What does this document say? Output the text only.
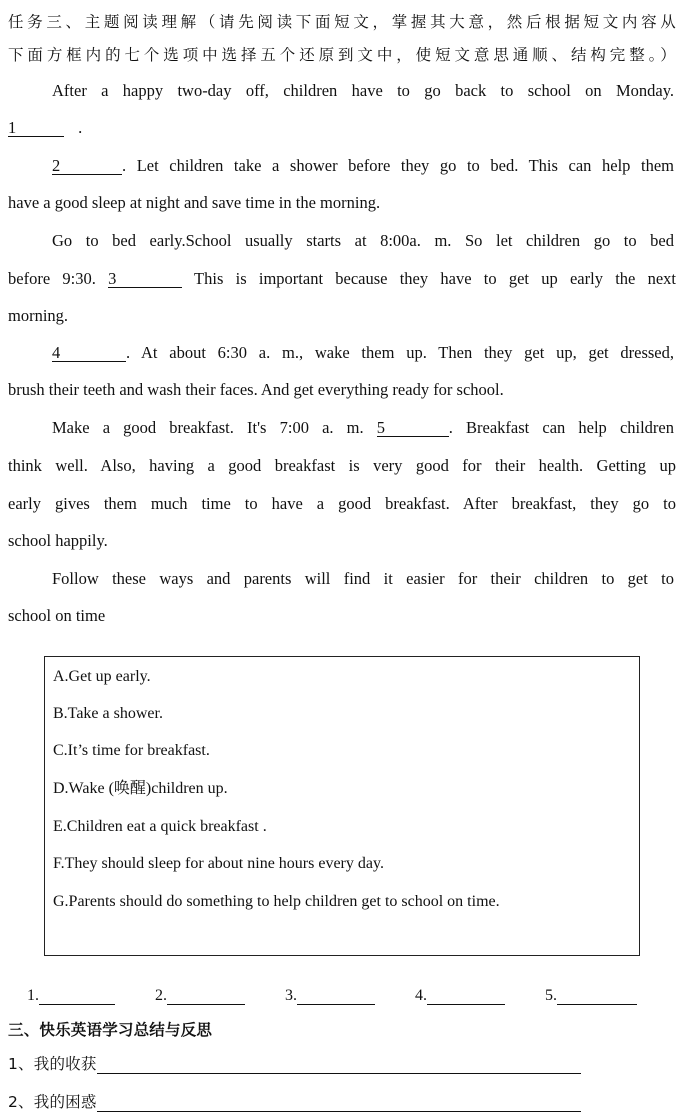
任务三、主题阅读理解（请先阅读下面短文，掌握其大意，然后根据短文内容从
下面方框内的七个选项中选择五个还原到文中，使短文意思通顺、结构完整。）
After a happy two-day off, children have to go back to school on Monday.
1	.
2	. Let children take a shower before they go to bed. This can help them
have a good sleep at night and save time in the morning.
Go to bed early.School usually starts at 8:00a. m. So let children go to bed
before 9:30. 3	This is important because they have to get up early the next
morning.
4	. At about 6:30 a. m., wake them up. Then they get up, get dressed,
brush their teeth and wash their faces. And get everything ready for school.
Make a good breakfast. It's 7:00 a. m. 5	. Breakfast can help children
think well. Also, having a good breakfast is very good for their health. Getting up
early gives them much time to have a good breakfast. After breakfast, they go to
school happily.
Follow these ways and parents will find it easier for their children to get to
school on time
A.Get up early.
B.Take a shower.
C.It’s time for breakfast.
D.Wake (唤醒)children up.
E.Children eat a quick breakfast .
F.They should sleep for about nine hours every day.
G.Parents should do something to help children get to school on time.
1.	2.	3.	4.	5.
三、快乐英语学习总结与反思
1、我的收获
2、我的困惑
